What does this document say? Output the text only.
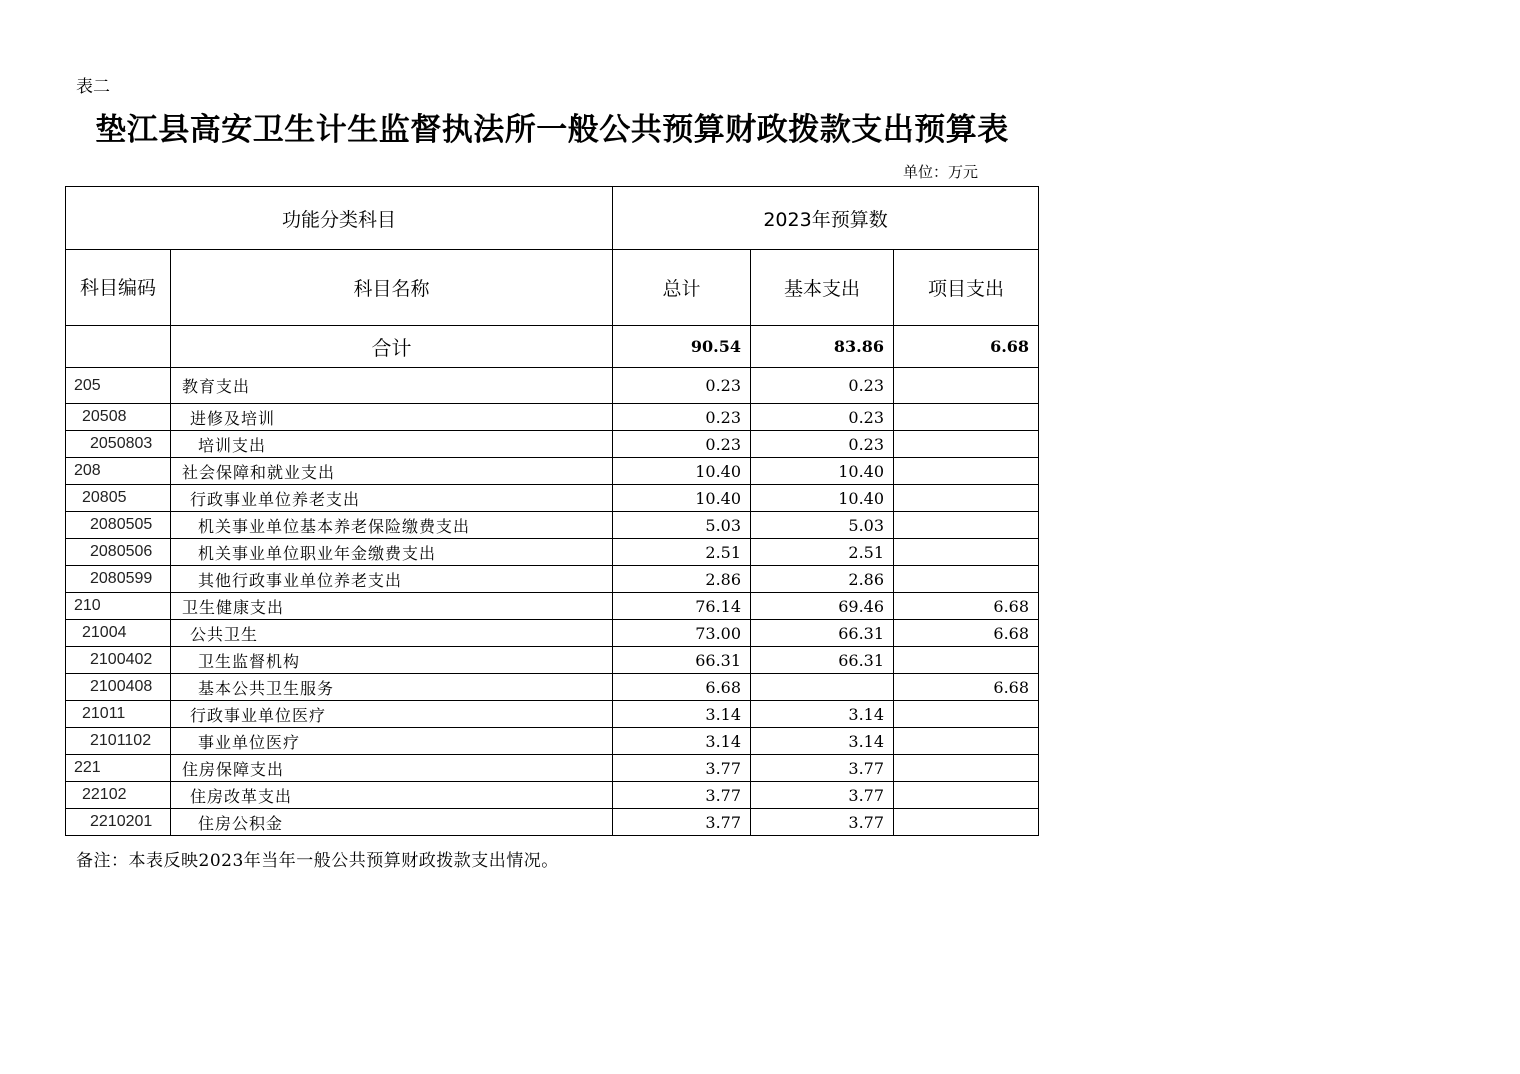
表二
垫江县高安卫生计生监督执法所一般公共预算财政拨款支出预算表
单位：万元
功能分类科目		2023年预算数		
科目编码	科目名称	总计	基本支出	项目支出
	合计	90.54	83.86	6.68
205	教育支出	0.23	0.23	
20508	进修及培训	0.23	0.23	
2050803	培训支出	0.23	0.23	
208	社会保障和就业支出	10.40	10.40	
20805	行政事业单位养老支出	10.40	10.40	
2080505	机关事业单位基本养老保险缴费支出	5.03	5.03	
2080506	机关事业单位职业年金缴费支出	2.51	2.51	
2080599	其他行政事业单位养老支出	2.86	2.86	
210	卫生健康支出	76.14	69.46	6.68
21004	公共卫生	73.00	66.31	6.68
2100402	卫生监督机构	66.31	66.31	
2100408	基本公共卫生服务	6.68		6.68
21011	行政事业单位医疗	3.14	3.14	
2101102	事业单位医疗	3.14	3.14	
221	住房保障支出	3.77	3.77	
22102	住房改革支出	3.77	3.77	
2210201	住房公积金	3.77	3.77	
备注：本表反映2023年当年一般公共预算财政拨款支出情况。
